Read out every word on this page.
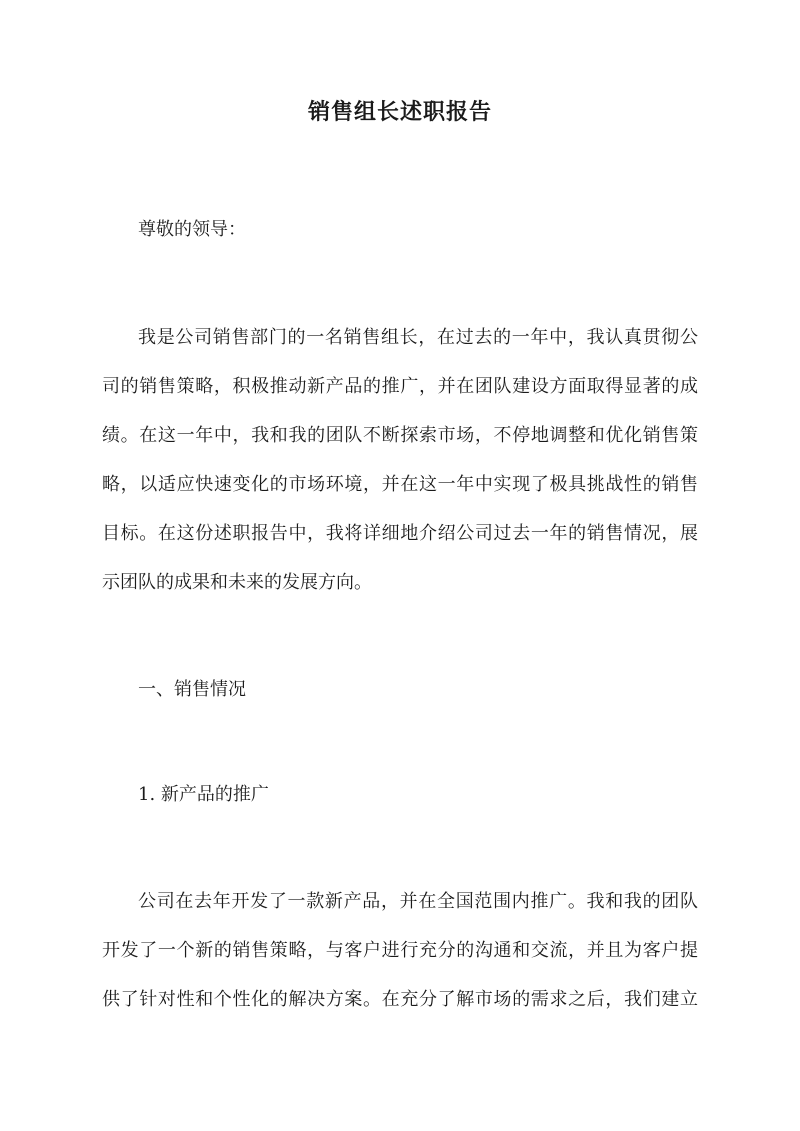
销售组长述职报告

尊敬的领导：

我是公司销售部门的一名销售组长，在过去的一年中，我认真贯彻公
司的销售策略，积极推动新产品的推广，并在团队建设方面取得显著的成
绩。在这一年中，我和我的团队不断探索市场，不停地调整和优化销售策
略，以适应快速变化的市场环境，并在这一年中实现了极具挑战性的销售
目标。在这份述职报告中，我将详细地介绍公司过去一年的销售情况，展
示团队的成果和未来的发展方向。

一、销售情况

1. 新产品的推广

公司在去年开发了一款新产品，并在全国范围内推广。我和我的团队
开发了一个新的销售策略，与客户进行充分的沟通和交流，并且为客户提
供了针对性和个性化的解决方案。在充分了解市场的需求之后，我们建立
